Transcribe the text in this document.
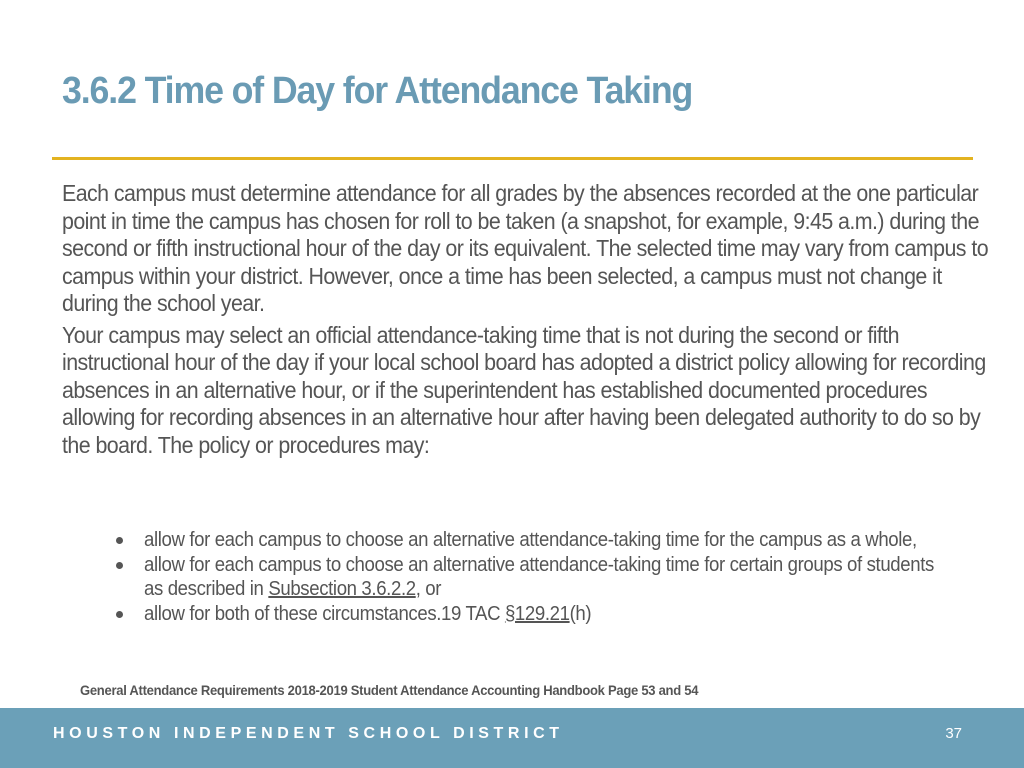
3.6.2 Time of Day for Attendance Taking

Each campus must determine attendance for all grades by the absences recorded at the one particular point in time the campus has chosen for roll to be taken (a snapshot, for example, 9:45 a.m.) during the second or fifth instructional hour of the day or its equivalent. The selected time may vary from campus to campus within your district. However, once a time has been selected, a campus must not change it during the school year.

Your campus may select an official attendance-taking time that is not during the second or fifth instructional hour of the day if your local school board has adopted a district policy allowing for recording absences in an alternative hour, or if the superintendent has established documented procedures allowing for recording absences in an alternative hour after having been delegated authority to do so by the board. The policy or procedures may:

allow for each campus to choose an alternative attendance-taking time for the campus as a whole,
allow for each campus to choose an alternative attendance-taking time for certain groups of students as described in Subsection 3.6.2.2, or
allow for both of these circumstances.19 TAC §129.21(h)
General Attendance Requirements 2018-2019 Student Attendance Accounting Handbook Page 53 and 54
HOUSTON INDEPENDENT SCHOOL DISTRICT	37
